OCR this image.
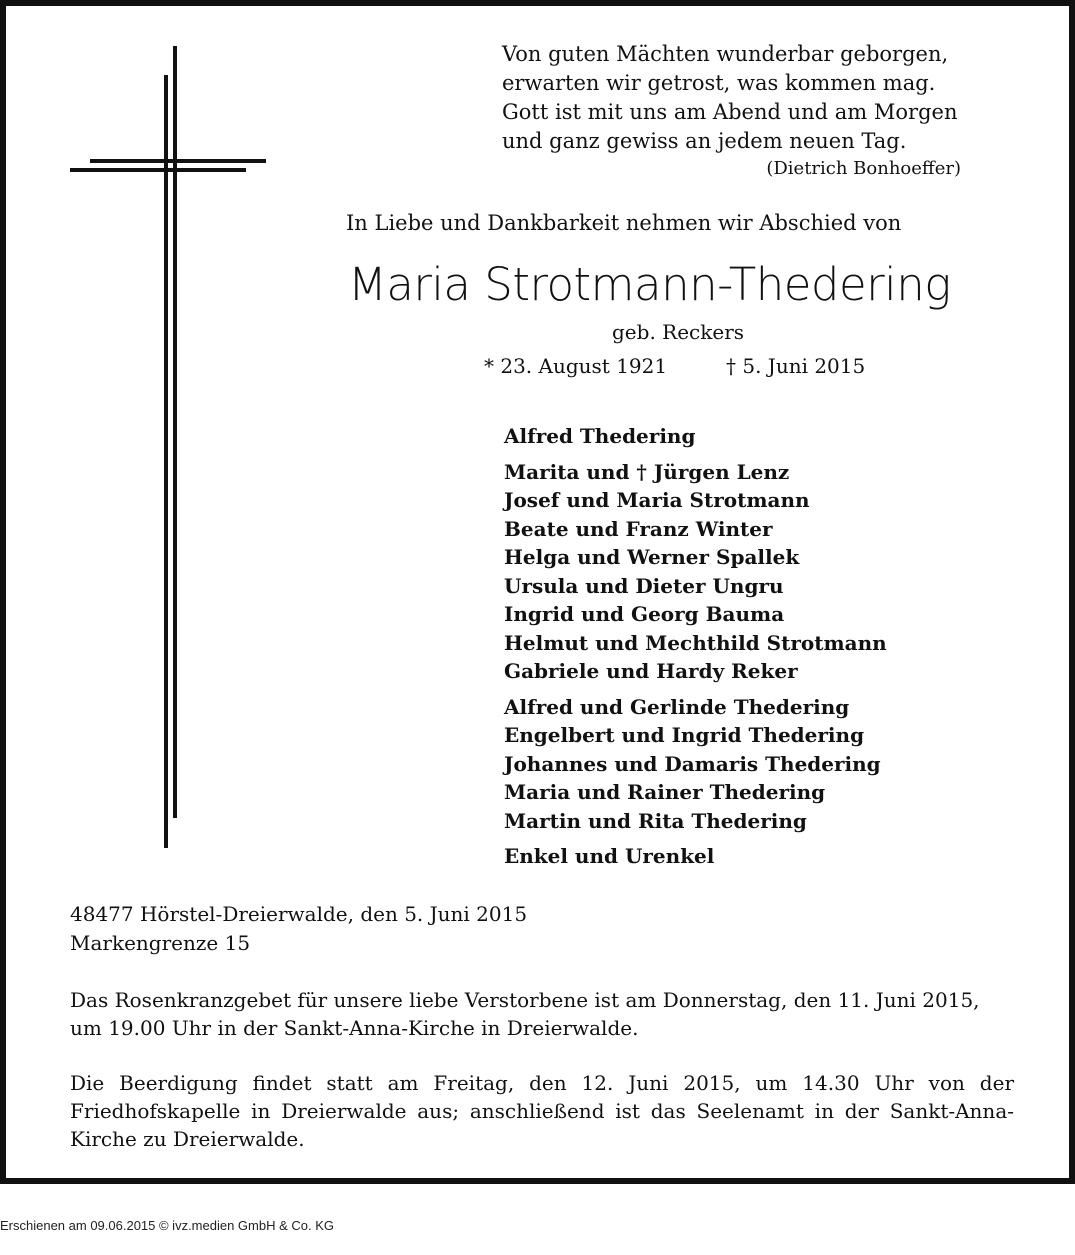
Von guten Mächten wunderbar geborgen,
erwarten wir getrost, was kommen mag.
Gott ist mit uns am Abend und am Morgen
und ganz gewiss an jedem neuen Tag.
(Dietrich Bonhoeffer)
In Liebe und Dankbarkeit nehmen wir Abschied von
Maria Strotmann-Thedering
geb. Reckers
* 23. August 1921	† 5. Juni 2015
Alfred Thedering
Marita und † Jürgen Lenz
Josef und Maria Strotmann
Beate und Franz Winter
Helga und Werner Spallek
Ursula und Dieter Ungru
Ingrid und Georg Bauma
Helmut und Mechthild Strotmann
Gabriele und Hardy Reker
Alfred und Gerlinde Thedering
Engelbert und Ingrid Thedering
Johannes und Damaris Thedering
Maria und Rainer Thedering
Martin und Rita Thedering
Enkel und Urenkel
48477 Hörstel-Dreierwalde, den 5. Juni 2015
Markengrenze 15
Das Rosenkranzgebet für unsere liebe Verstorbene ist am Donnerstag, den 11. Juni 2015, um 19.00 Uhr in der Sankt-Anna-Kirche in Dreierwalde.
Die Beerdigung findet statt am Freitag, den 12. Juni 2015, um 14.30 Uhr von der Friedhofskapelle in Dreierwalde aus; anschließend ist das Seelenamt in der Sankt-Anna-Kirche zu Dreierwalde.
Erschienen am 09.06.2015 © ivz.medien GmbH & Co. KG
